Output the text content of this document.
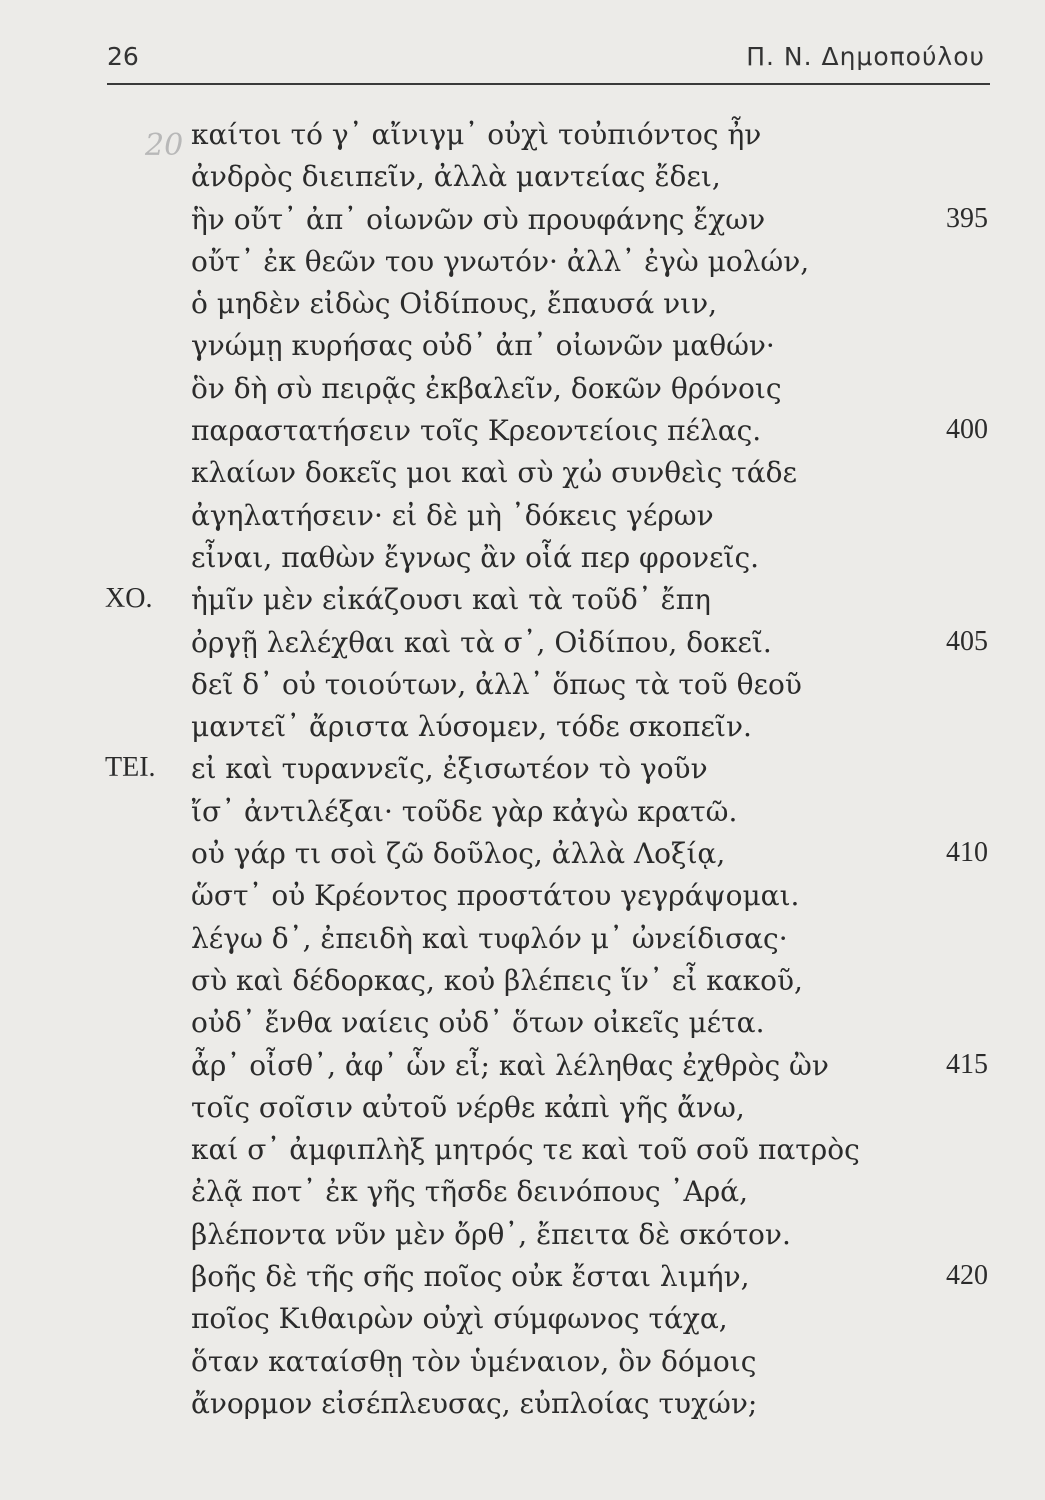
26	Π. Ν. Δημοπούλου
20 καίτοι τό γ᾿ αἴνιγμ᾿ οὐχὶ τοὐπιόντος ἦν
ἀνδρὸς διειπεῖν, ἀλλὰ μαντείας ἔδει,
ἣν οὔτ᾿ ἀπ᾿ οἰωνῶν σὺ προυφάνης ἔχων	395
οὔτ᾿ ἐκ θεῶν του γνωτόν· ἀλλ᾿ ἐγὼ μολών,
ὁ μηδὲν εἰδὼς Οἰδίπους, ἔπαυσά νιν,
γνώμῃ κυρήσας οὐδ᾿ ἀπ᾿ οἰωνῶν μαθών·
ὃν δὴ σὺ πειρᾷς ἐκβαλεῖν, δοκῶν θρόνοις
παραστατήσειν τοῖς Κρεοντείοις πέλας.	400
κλαίων δοκεῖς μοι καὶ σὺ χὠ συνθεὶς τάδε
ἀγηλατήσειν· εἰ δὲ μὴ ᾿δόκεις γέρων
εἶναι, παθὼν ἔγνως ἂν οἷά περ φρονεῖς.
ΧΟ. ἡμῖν μὲν εἰκάζουσι καὶ τὰ τοῦδ᾿ ἔπη
ὀργῇ λελέχθαι καὶ τὰ σ᾿, Οἰδίπου, δοκεῖ.	405
δεῖ δ᾿ οὐ τοιούτων, ἀλλ᾿ ὅπως τὰ τοῦ θεοῦ
μαντεῖ᾿ ἄριστα λύσομεν, τόδε σκοπεῖν.
ΤΕΙ. εἰ καὶ τυραννεῖς, ἐξισωτέον τὸ γοῦν
ἴσ᾿ ἀντιλέξαι· τοῦδε γὰρ κἀγὼ κρατῶ.
οὐ γάρ τι σοὶ ζῶ δοῦλος, ἀλλὰ Λοξίᾳ,	410
ὥστ᾿ οὐ Κρέοντος προστάτου γεγράψομαι.
λέγω δ᾿, ἐπειδὴ καὶ τυφλόν μ᾿ ὠνείδισας·
σὺ καὶ δέδορκας, κοὐ βλέπεις ἵν᾿ εἶ κακοῦ,
οὐδ᾿ ἔνθα ναίεις οὐδ᾿ ὅτων οἰκεῖς μέτα.
ἆρ᾿ οἶσθ᾿, ἀφ᾿ ὧν εἶ; καὶ λέληθας ἐχθρὸς ὢν	415
τοῖς σοῖσιν αὐτοῦ νέρθε κἀπὶ γῆς ἄνω,
καί σ᾿ ἀμφιπλὴξ μητρός τε καὶ τοῦ σοῦ πατρὸς
ἐλᾷ ποτ᾿ ἐκ γῆς τῆσδε δεινόπους ᾿Αρά,
βλέποντα νῦν μὲν ὄρθ᾿, ἔπειτα δὲ σκότον.
βοῆς δὲ τῆς σῆς ποῖος οὐκ ἔσται λιμήν,	420
ποῖος Κιθαιρὼν οὐχὶ σύμφωνος τάχα,
ὅταν καταίσθῃ τὸν ὑμέναιον, ὃν δόμοις
ἄνορμον εἰσέπλευσας, εὐπλοίας τυχών;
